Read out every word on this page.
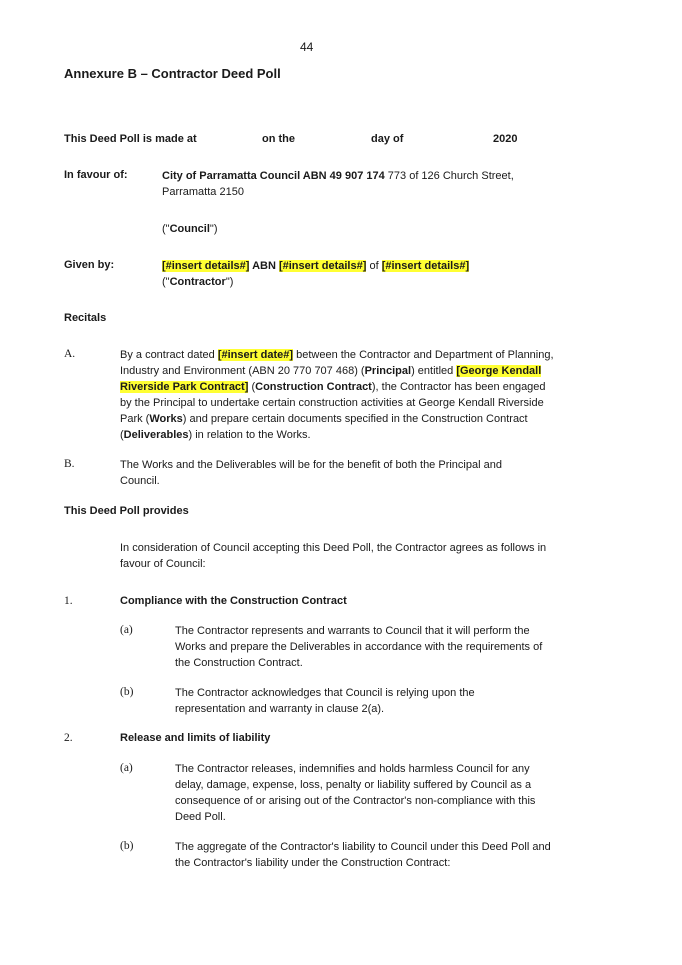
44
Annexure B – Contractor Deed Poll
This Deed Poll is made at	on the	day of	2020
In favour of:	City of Parramatta Council ABN 49 907 174 773 of 126 Church Street, Parramatta 2150
("Council")
Given by:	[#insert details#] ABN [#insert details#] of [#insert details#]
("Contractor")
Recitals
A.	By a contract dated [#insert date#] between the Contractor and Department of Planning, Industry and Environment (ABN 20 770 707 468) (Principal) entitled [George Kendall Riverside Park Contract] (Construction Contract), the Contractor has been engaged by the Principal to undertake certain construction activities at George Kendall Riverside Park (Works) and prepare certain documents specified in the Construction Contract (Deliverables) in relation to the Works.
B.	The Works and the Deliverables will be for the benefit of both the Principal and Council.
This Deed Poll provides
In consideration of Council accepting this Deed Poll, the Contractor agrees as follows in favour of Council:
1.	Compliance with the Construction Contract
(a)	The Contractor represents and warrants to Council that it will perform the Works and prepare the Deliverables in accordance with the requirements of the Construction Contract.
(b)	The Contractor acknowledges that Council is relying upon the representation and warranty in clause 2(a).
2.	Release and limits of liability
(a)	The Contractor releases, indemnifies and holds harmless Council for any delay, damage, expense, loss, penalty or liability suffered by Council as a consequence of or arising out of the Contractor's non-compliance with this Deed Poll.
(b)	The aggregate of the Contractor's liability to Council under this Deed Poll and the Contractor's liability under the Construction Contract:
